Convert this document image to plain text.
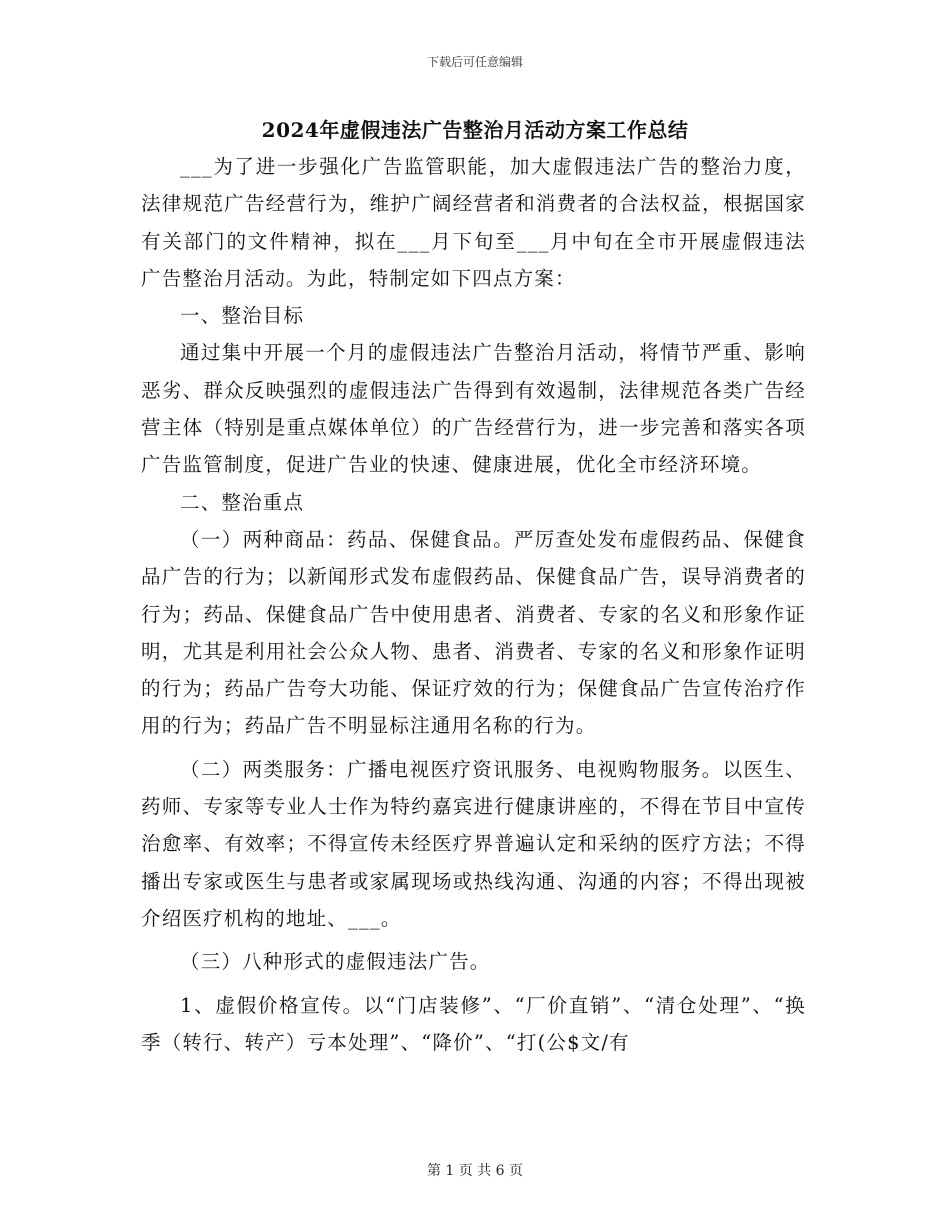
下载后可任意编辑
2024年虚假违法广告整治月活动方案工作总结

___为了进一步强化广告监管职能，加大虚假违法广告的整治力度，法律规范广告经营行为，维护广阔经营者和消费者的合法权益，根据国家有关部门的文件精神，拟在___月下旬至___月中旬在全市开展虚假违法广告整治月活动。为此，特制定如下四点方案：

一、整治目标

通过集中开展一个月的虚假违法广告整治月活动，将情节严重、影响恶劣、群众反映强烈的虚假违法广告得到有效遏制，法律规范各类广告经营主体（特别是重点媒体单位）的广告经营行为，进一步完善和落实各项广告监管制度，促进广告业的快速、健康进展，优化全市经济环境。

二、整治重点

（一）两种商品：药品、保健食品。严厉查处发布虚假药品、保健食品广告的行为；以新闻形式发布虚假药品、保健食品广告，误导消费者的行为；药品、保健食品广告中使用患者、消费者、专家的名义和形象作证明，尤其是利用社会公众人物、患者、消费者、专家的名义和形象作证明的行为；药品广告夸大功能、保证疗效的行为；保健食品广告宣传治疗作用的行为；药品广告不明显标注通用名称的行为。

（二）两类服务：广播电视医疗资讯服务、电视购物服务。以医生、药师、专家等专业人士作为特约嘉宾进行健康讲座的，不得在节目中宣传治愈率、有效率；不得宣传未经医疗界普遍认定和采纳的医疗方法；不得播出专家或医生与患者或家属现场或热线沟通、沟通的内容；不得出现被介绍医疗机构的地址、___。

（三）八种形式的虚假违法广告。

1、虚假价格宣传。以“门店装修”、“厂价直销”、“清仓处理”、“换季（转行、转产）亏本处理”、“降价”、“打(公$文/有

第 1 页 共 6 页
